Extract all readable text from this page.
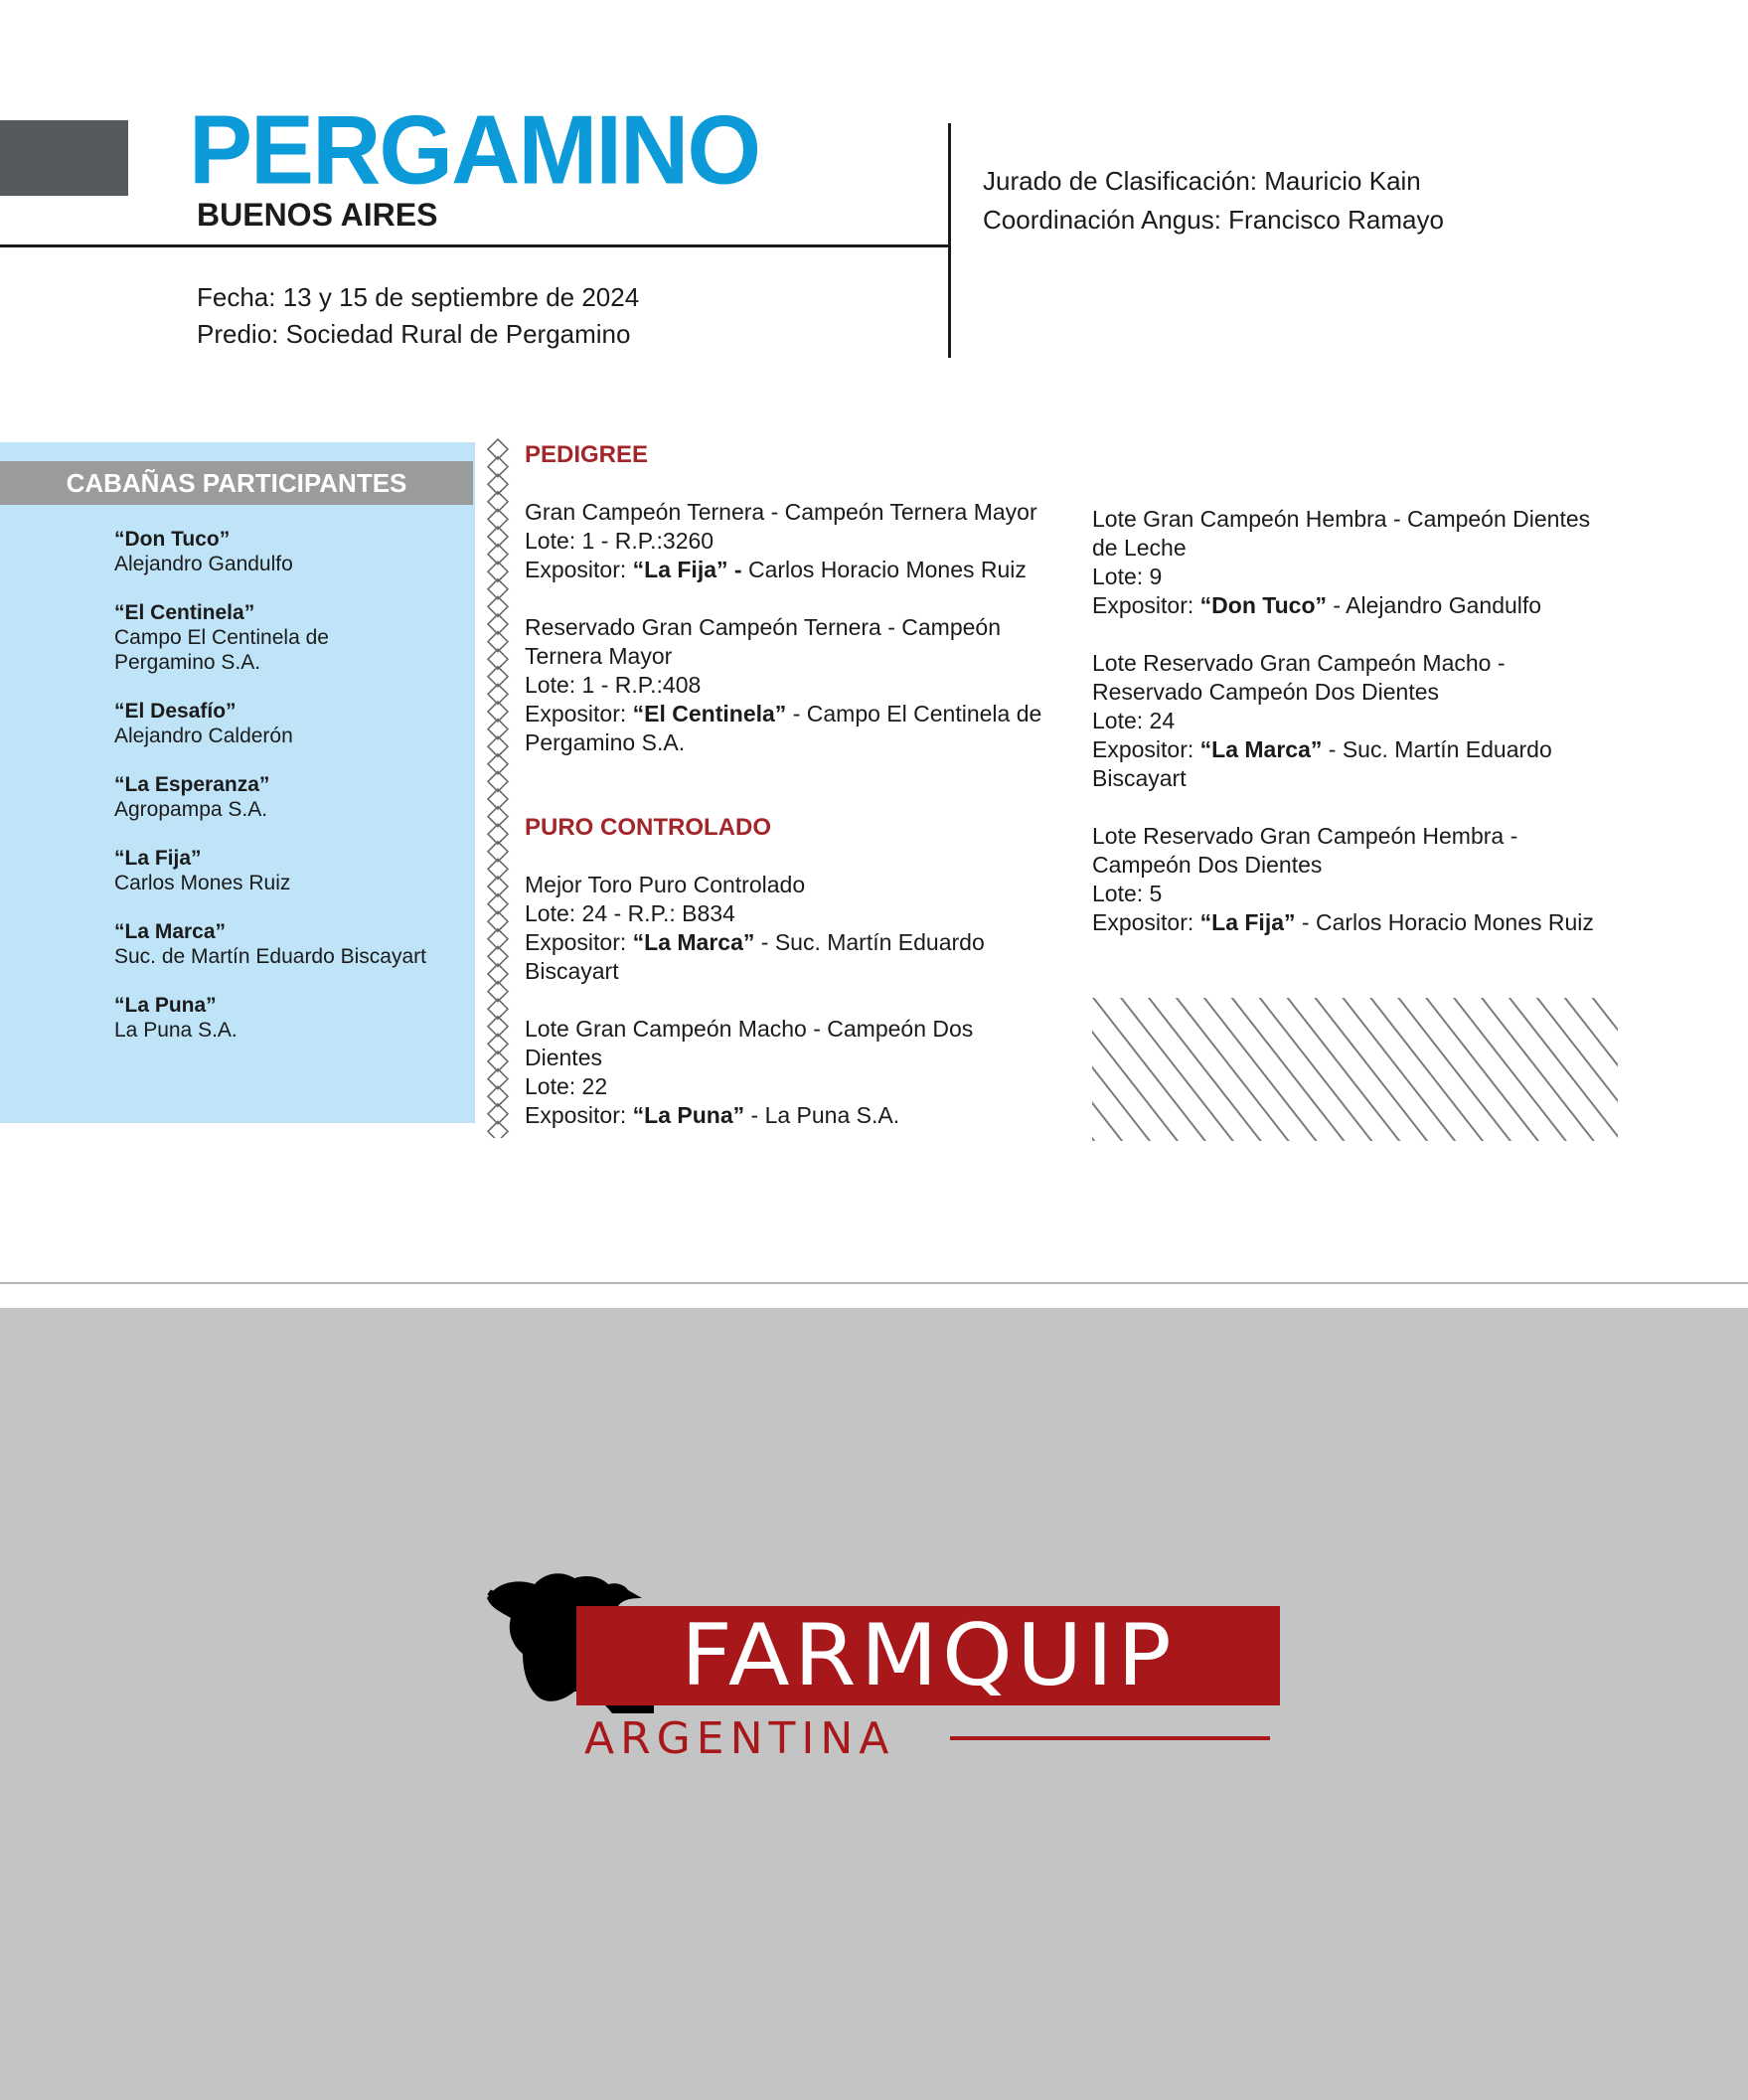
PERGAMINO
BUENOS AIRES
Fecha: 13 y 15 de septiembre de 2024
Predio: Sociedad Rural de Pergamino
Jurado de Clasificación: Mauricio Kain
Coordinación Angus: Francisco Ramayo
CABAÑAS PARTICIPANTES
“Don Tuco”
Alejandro Gandulfo
“El Centinela”
Campo El Centinela de
Pergamino S.A.
“El Desafío”
Alejandro Calderón
“La Esperanza”
Agropampa S.A.
“La Fija”
Carlos Mones Ruiz
“La Marca”
Suc. de Martín Eduardo Biscayart
“La Puna”
La Puna S.A.
PEDIGREE
Gran Campeón Ternera - Campeón Ternera Mayor
Lote: 1 - R.P.:3260
Expositor: “La Fija” - Carlos Horacio Mones Ruiz
Reservado Gran Campeón Ternera - Campeón
Ternera Mayor
Lote: 1 - R.P.:408
Expositor: “El Centinela” - Campo El Centinela de
Pergamino S.A.
PURO CONTROLADO
Mejor Toro Puro Controlado
Lote: 24 - R.P.: B834
Expositor: “La Marca” - Suc. Martín Eduardo
Biscayart
Lote Gran Campeón Macho - Campeón Dos
Dientes
Lote: 22
Expositor: “La Puna” - La Puna S.A.
Lote Gran Campeón Hembra - Campeón Dientes
de Leche
Lote: 9
Expositor: “Don Tuco” - Alejandro Gandulfo
Lote Reservado Gran Campeón Macho -
Reservado Campeón Dos Dientes
Lote: 24
Expositor: “La Marca” - Suc. Martín Eduardo
Biscayart
Lote Reservado Gran Campeón Hembra -
Campeón Dos Dientes
Lote: 5
Expositor: “La Fija” - Carlos Horacio Mones Ruiz
FARMQUIP
ARGENTINA
